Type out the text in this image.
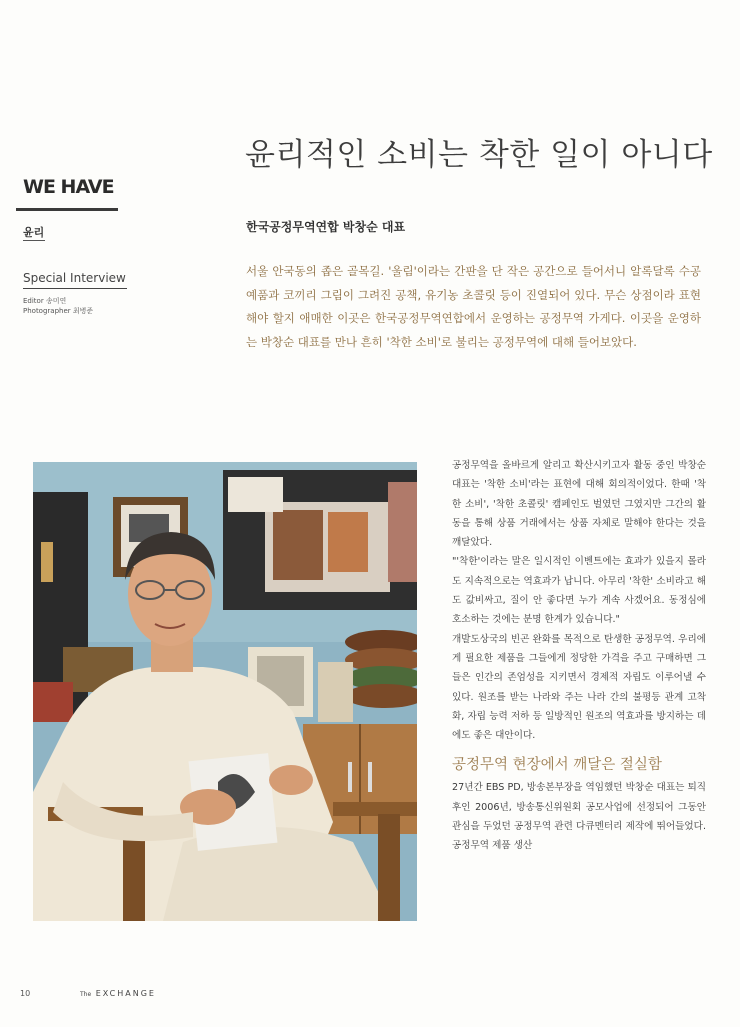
WE HAVE
윤리
Special Interview
Editor 송미연
Photographer 최병준
윤리적인 소비는 착한 일이 아니다
한국공정무역연합 박창순 대표
서울 안국동의 좁은 골목길. '울림'이라는 간판을 단 작은 공간으로 들어서니 알록달록 수공예품과 코끼리 그림이 그려진 공책, 유기농 초콜릿 등이 진열되어 있다. 무슨 상점이라 표현해야 할지 애매한 이곳은 한국공정무역연합에서 운영하는 공정무역 가게다. 이곳을 운영하는 박창순 대표를 만나 흔히 '착한 소비'로 불리는 공정무역에 대해 들어보았다.

공정무역을 올바르게 알리고 확산시키고자 활동 중인 박창순 대표는 '착한 소비'라는 표현에 대해 회의적이었다. 한때 '착한 소비', '착한 초콜릿' 캠페인도 벌였던 그였지만 그간의 활동을 통해 상품 거래에서는 상품 자체로 말해야 한다는 것을 깨달았다.

"'착한'이라는 말은 일시적인 이벤트에는 효과가 있을지 몰라도 지속적으로는 역효과가 납니다. 아무리 '착한' 소비라고 해도 값비싸고, 질이 안 좋다면 누가 계속 사겠어요. 동정심에 호소하는 것에는 분명 한계가 있습니다."

개발도상국의 빈곤 완화를 목적으로 탄생한 공정무역. 우리에게 필요한 제품을 그들에게 정당한 가격을 주고 구매하면 그들은 인간의 존엄성을 지키면서 경제적 자립도 이루어낼 수 있다. 원조를 받는 나라와 주는 나라 간의 불평등 관계 고착화, 자립 능력 저하 등 일방적인 원조의 역효과를 방지하는 데에도 좋은 대안이다.

공정무역 현장에서 깨달은 절실함

27년간 EBS PD, 방송본부장을 역임했던 박창순 대표는 퇴직 후인 2006년, 방송통신위원회 공모사업에 선정되어 그동안 관심을 두었던 공정무역 관련 다큐멘터리 제작에 뛰어들었다. 공정무역 제품 생산

10	The EXCHANGE
